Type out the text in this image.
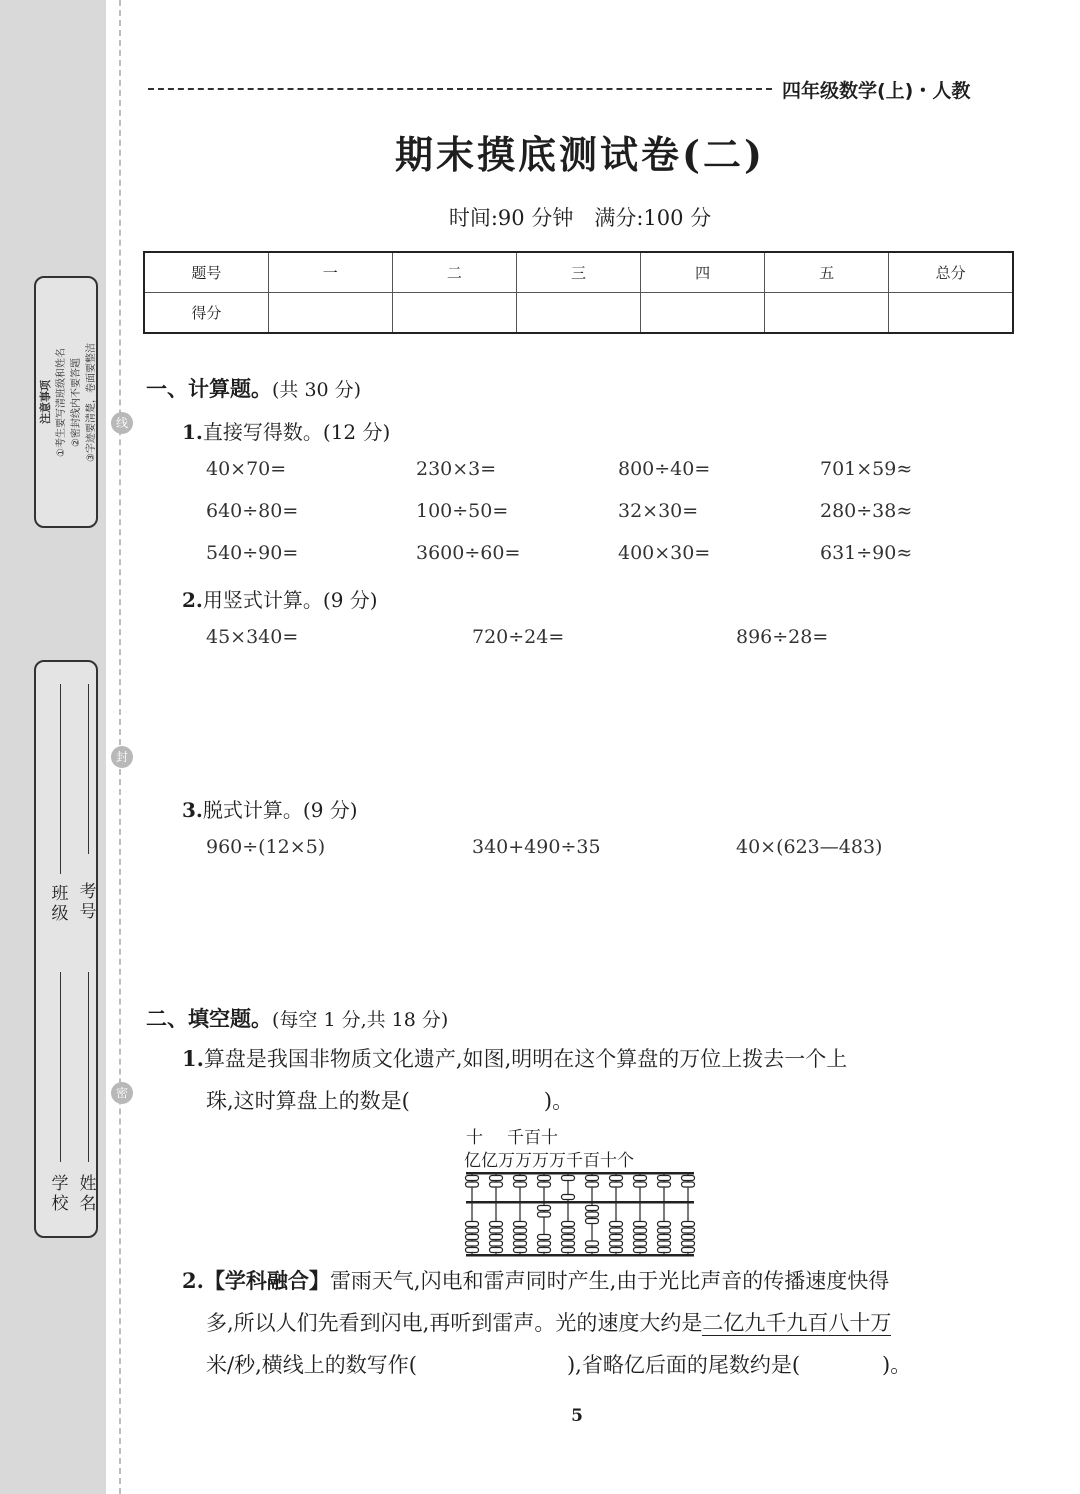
线
封
密
注意事项 ①考生要写清班级和姓名 ②密封线内不要答题 ③字迹要清楚，卷面要整洁
班级
学校
考号
姓名
四年级数学(上)・人教
期末摸底测试卷(二)
时间:90 分钟　满分:100 分
题号	一	二	三	四	五	总分
得分						
一、计算题。(共 30 分)
1.直接写得数。(12 分)
40×70=	230×3=	800÷40=	701×59≈
640÷80=	100÷50=	32×30=	280÷38≈
540÷90=	3600÷60=	400×30=	631÷90≈
2.用竖式计算。(9 分)
45×340=	720÷24=	896÷28=
3.脱式计算。(9 分)
960÷(12×5)	340+490÷35	40×(623—483)
二、填空题。(每空 1 分,共 18 分)
1.算盘是我国非物质文化遗产,如图,明明在这个算盘的万位上拨去一个上
珠,这时算盘上的数是(	)。
十 千百十
亿亿万万万万千百十个
2.【学科融合】雷雨天气,闪电和雷声同时产生,由于光比声音的传播速度快得
多,所以人们先看到闪电,再听到雷声。光的速度大约是二亿九千九百八十万
米/秒,横线上的数写作(	),省略亿后面的尾数约是(	)。
5
